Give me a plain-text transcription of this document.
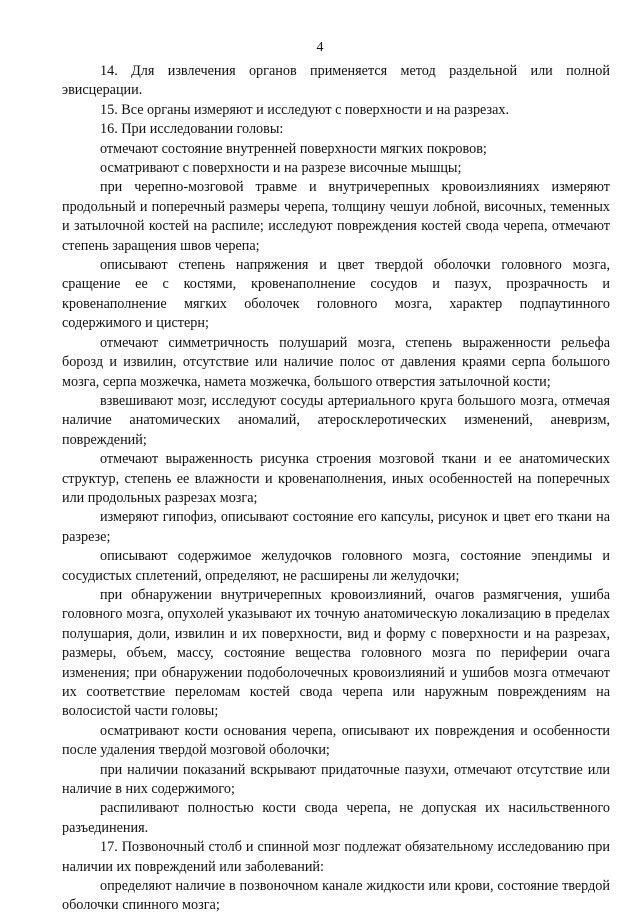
4

14. Для извлечения органов применяется метод раздельной или полной эвисцерации.

15. Все органы измеряют и исследуют с поверхности и на разрезах.

16. При исследовании головы:

отмечают состояние внутренней поверхности мягких покровов;

осматривают с поверхности и на разрезе височные мышцы;

при черепно-мозговой травме и внутричерепных кровоизлияниях измеряют продольный и поперечный размеры черепа, толщину чешуи лобной, височных, теменных и затылочной костей на распиле; исследуют повреждения костей свода черепа, отмечают степень заращения швов черепа;

описывают степень напряжения и цвет твердой оболочки головного мозга, сращение ее с костями, кровенаполнение сосудов и пазух, прозрачность и кровенаполнение мягких оболочек головного мозга, характер подпаутинного содержимого и цистерн;

отмечают симметричность полушарий мозга, степень выраженности рельефа борозд и извилин, отсутствие или наличие полос от давления краями серпа большого мозга, серпа мозжечка, намета мозжечка, большого отверстия затылочной кости;

взвешивают мозг, исследуют сосуды артериального круга большого мозга, отмечая наличие анатомических аномалий, атеросклеротических изменений, аневризм, повреждений;

отмечают выраженность рисунка строения мозговой ткани и ее анатомических структур, степень ее влажности и кровенаполнения, иных особенностей на поперечных или продольных разрезах мозга;

измеряют гипофиз, описывают состояние его капсулы, рисунок и цвет его ткани на разрезе;

описывают содержимое желудочков головного мозга, состояние эпендимы и сосудистых сплетений, определяют, не расширены ли желудочки;

при обнаружении внутричерепных кровоизлияний, очагов размягчения, ушиба головного мозга, опухолей указывают их точную анатомическую локализацию в пределах полушария, доли, извилин и их поверхности, вид и форму с поверхности и на разрезах, размеры, объем, массу, состояние вещества головного мозга по периферии очага изменения; при обнаружении подоболочечных кровоизлияний и ушибов мозга отмечают их соответствие переломам костей свода черепа или наружным повреждениям на волосистой части головы;

осматривают кости основания черепа, описывают их повреждения и особенности после удаления твердой мозговой оболочки;

при наличии показаний вскрывают придаточные пазухи, отмечают отсутствие или наличие в них содержимого;

распиливают полностью кости свода черепа, не допуская их насильственного разъединения.

17. Позвоночный столб и спинной мозг подлежат обязательному исследованию при наличии их повреждений или заболеваний:

определяют наличие в позвоночном канале жидкости или крови, состояние твердой оболочки спинного мозга;
